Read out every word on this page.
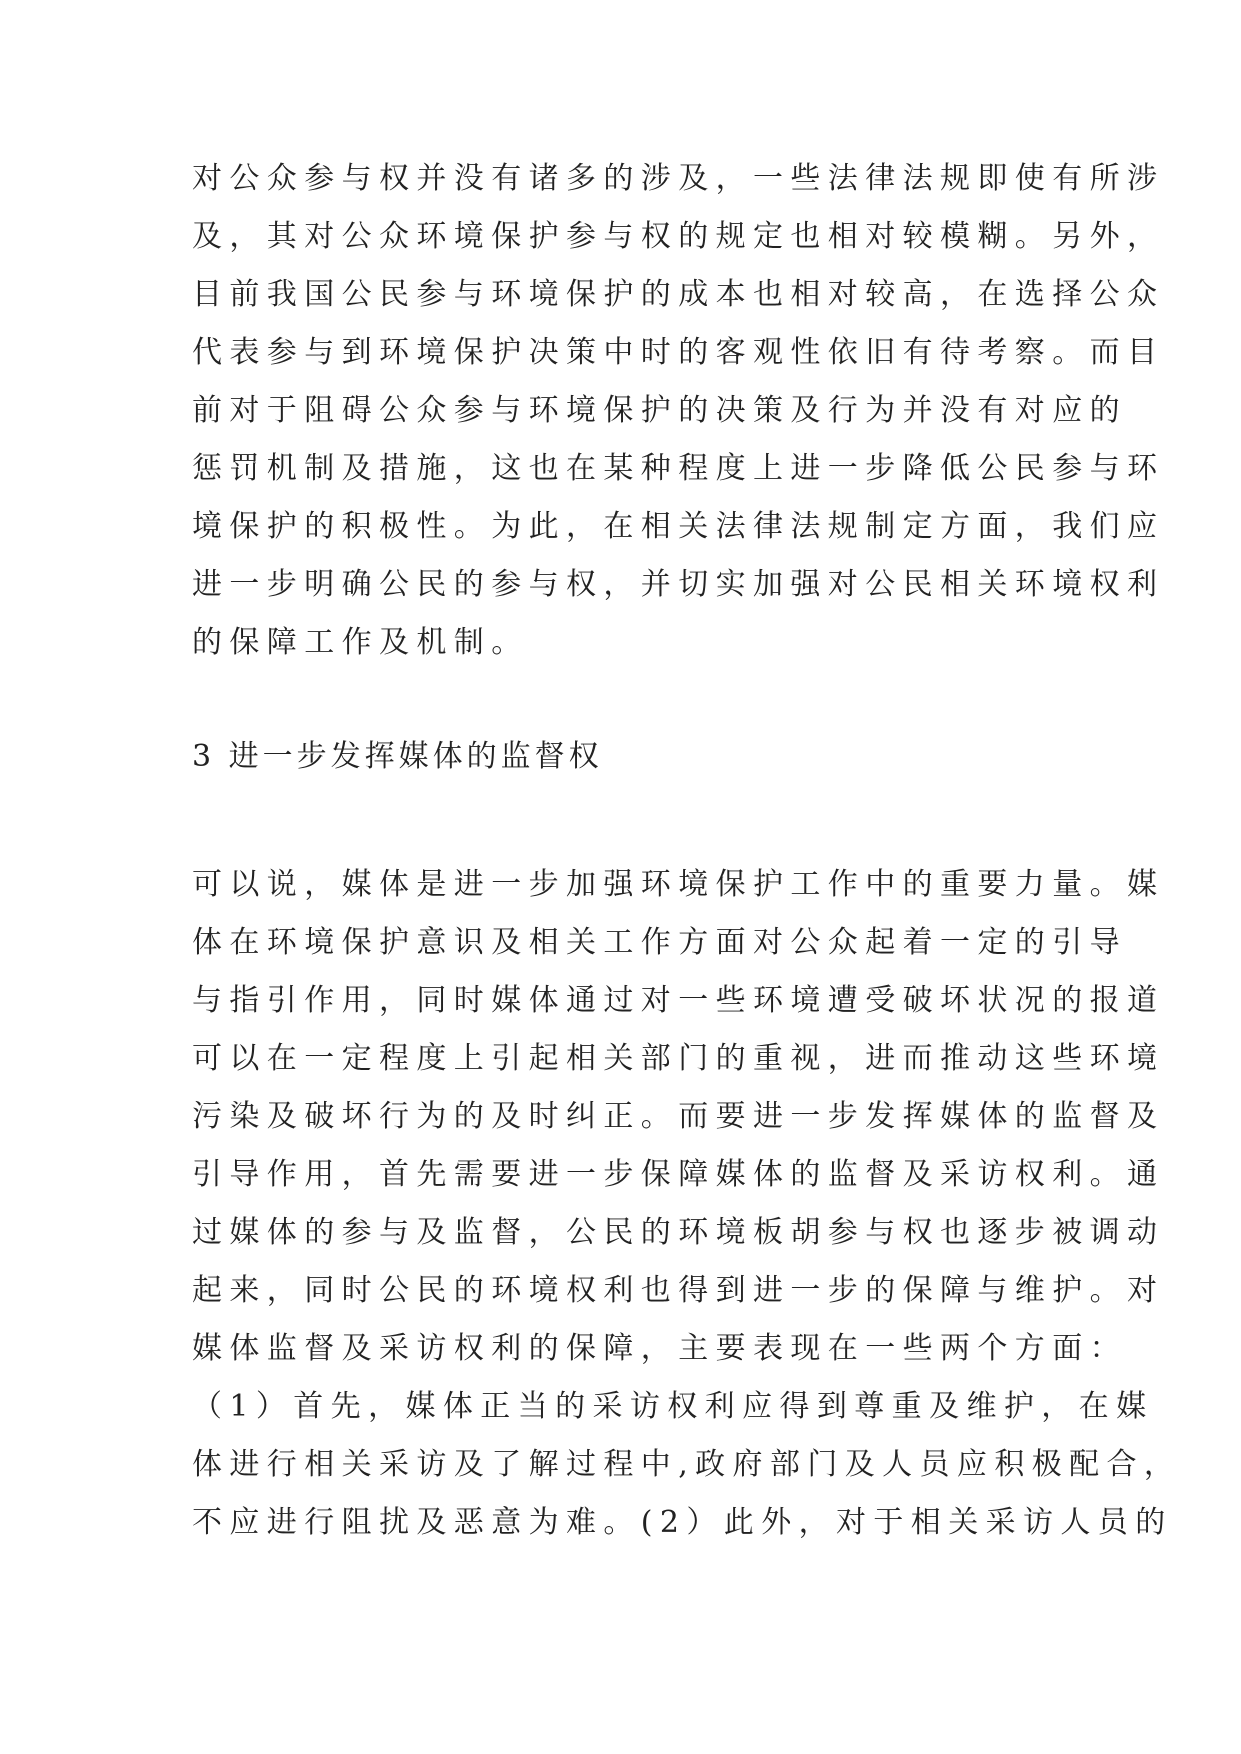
对公众参与权并没有诸多的涉及，一些法律法规即使有所涉
及，其对公众环境保护参与权的规定也相对较模糊。另外，
目前我国公民参与环境保护的成本也相对较高，在选择公众
代表参与到环境保护决策中时的客观性依旧有待考察。而目
前对于阻碍公众参与环境保护的决策及行为并没有对应的
惩罚机制及措施，这也在某种程度上进一步降低公民参与环
境保护的积极性。为此，在相关法律法规制定方面，我们应
进一步明确公民的参与权，并切实加强对公民相关环境权利
的保障工作及机制。
3 进一步发挥媒体的监督权
可以说，媒体是进一步加强环境保护工作中的重要力量。媒
体在环境保护意识及相关工作方面对公众起着一定的引导
与指引作用，同时媒体通过对一些环境遭受破坏状况的报道
可以在一定程度上引起相关部门的重视，进而推动这些环境
污染及破坏行为的及时纠正。而要进一步发挥媒体的监督及
引导作用，首先需要进一步保障媒体的监督及采访权利。通
过媒体的参与及监督，公民的环境板胡参与权也逐步被调动
起来，同时公民的环境权利也得到进一步的保障与维护。对
媒体监督及采访权利的保障，主要表现在一些两个方面：
（1）首先，媒体正当的采访权利应得到尊重及维护，在媒
体进行相关采访及了解过程中,政府部门及人员应积极配合，
不应进行阻扰及恶意为难。(2）此外，对于相关采访人员的
